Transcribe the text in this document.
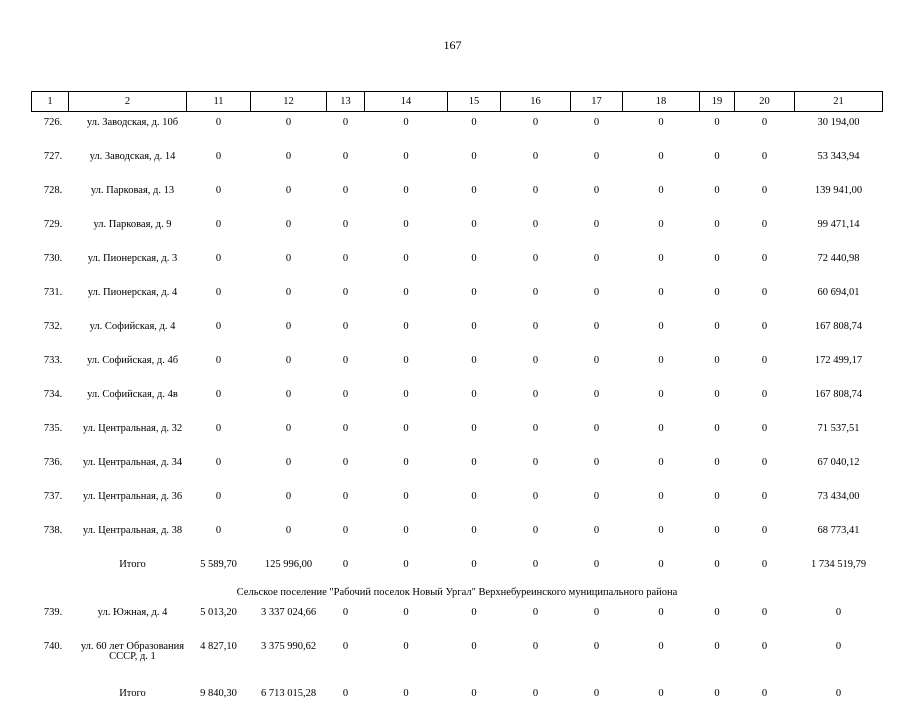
167
1	2	11	12	13	14	15	16	17	18	19	20	21
726.	ул. Заводская, д. 10б	0	0	0	0	0	0	0	0	0	0	30 194,00
727.	ул. Заводская, д. 14	0	0	0	0	0	0	0	0	0	0	53 343,94
728.	ул. Парковая, д. 13	0	0	0	0	0	0	0	0	0	0	139 941,00
729.	ул. Парковая, д. 9	0	0	0	0	0	0	0	0	0	0	99 471,14
730.	ул. Пионерская, д. 3	0	0	0	0	0	0	0	0	0	0	72 440,98
731.	ул. Пионерская, д. 4	0	0	0	0	0	0	0	0	0	0	60 694,01
732.	ул. Софийская, д. 4	0	0	0	0	0	0	0	0	0	0	167 808,74
733.	ул. Софийская, д. 4б	0	0	0	0	0	0	0	0	0	0	172 499,17
734.	ул. Софийская, д. 4в	0	0	0	0	0	0	0	0	0	0	167 808,74
735.	ул. Центральная, д. 32	0	0	0	0	0	0	0	0	0	0	71 537,51
736.	ул. Центральная, д. 34	0	0	0	0	0	0	0	0	0	0	67 040,12
737.	ул. Центральная, д. 36	0	0	0	0	0	0	0	0	0	0	73 434,00
738.	ул. Центральная, д. 38	0	0	0	0	0	0	0	0	0	0	68 773,41
	Итого	5 589,70	125 996,00	0	0	0	0	0	0	0	0	1 734 519,79
Сельское поселение "Рабочий поселок Новый Ургал" Верхнебуреинского муниципального района												
739.	ул. Южная, д. 4	5 013,20	3 337 024,66	0	0	0	0	0	0	0	0	0
740.	ул. 60 лет Образования СССР, д. 1	4 827,10	3 375 990,62	0	0	0	0	0	0	0	0	0
	Итого	9 840,30	6 713 015,28	0	0	0	0	0	0	0	0	0
